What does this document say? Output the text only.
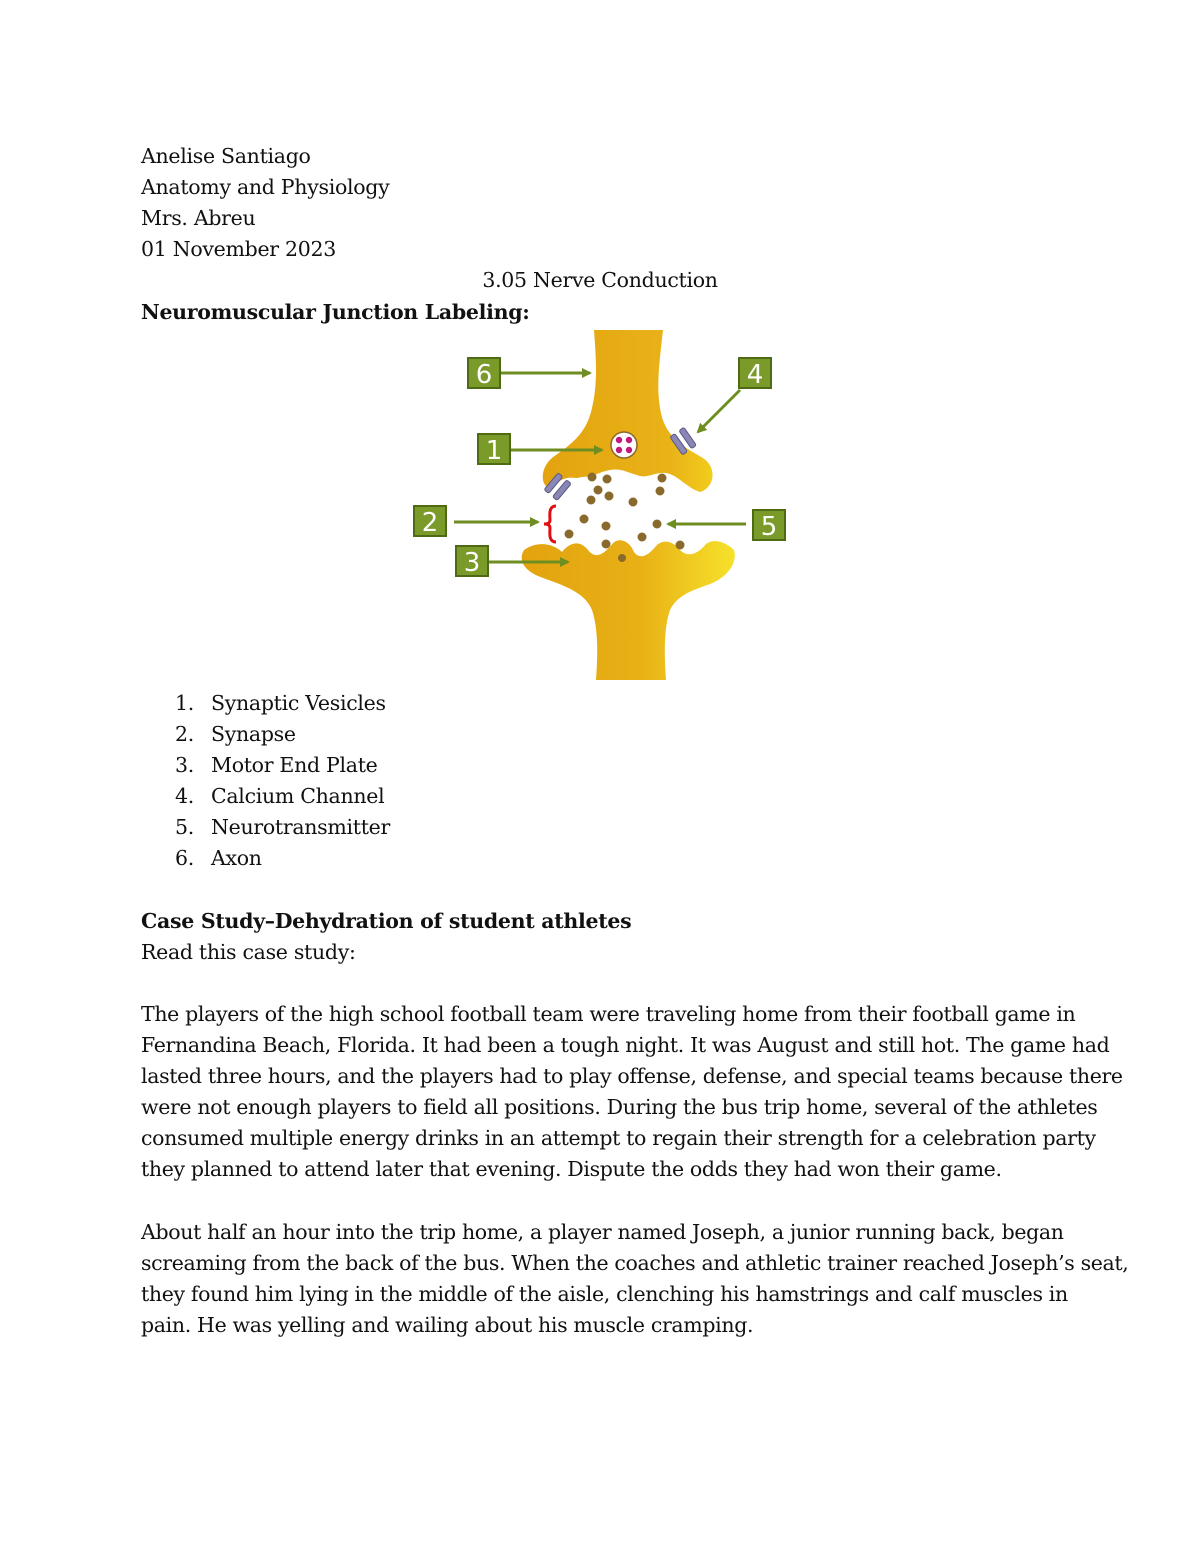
Anelise Santiago
Anatomy and Physiology
Mrs. Abreu
01 November 2023
3.05 Nerve Conduction
Neuromuscular Junction Labeling:
6	4
1
2	5
3
1. Synaptic Vesicles
2. Synapse
3. Motor End Plate
4. Calcium Channel
5. Neurotransmitter
6. Axon
Case Study–Dehydration of student athletes
Read this case study:
The players of the high school football team were traveling home from their football game in
Fernandina Beach, Florida. It had been a tough night. It was August and still hot. The game had
lasted three hours, and the players had to play offense, defense, and special teams because there
were not enough players to field all positions. During the bus trip home, several of the athletes
consumed multiple energy drinks in an attempt to regain their strength for a celebration party
they planned to attend later that evening. Dispute the odds they had won their game.
About half an hour into the trip home, a player named Joseph, a junior running back, began
screaming from the back of the bus. When the coaches and athletic trainer reached Joseph’s seat,
they found him lying in the middle of the aisle, clenching his hamstrings and calf muscles in
pain. He was yelling and wailing about his muscle cramping.
